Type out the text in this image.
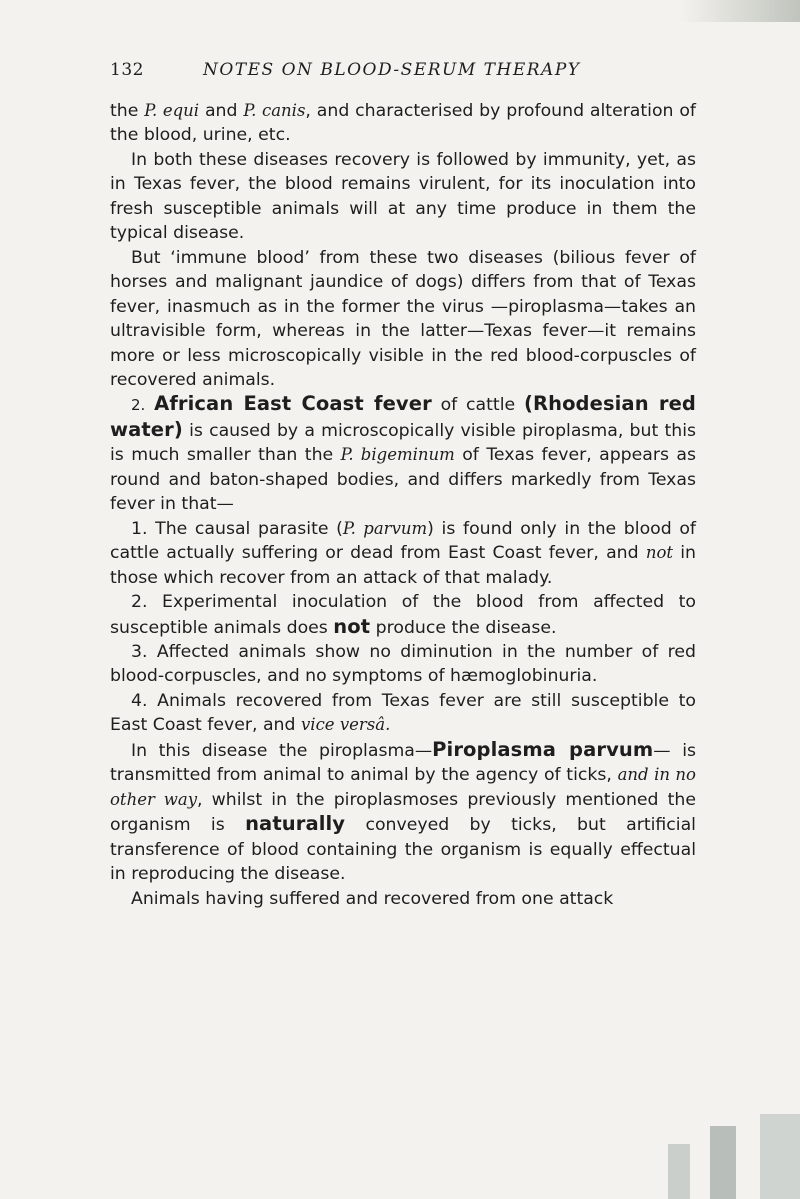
132	NOTES ON BLOOD-SERUM THERAPY

the P. equi and P. canis, and characterised by profound alteration of the blood, urine, etc.

In both these diseases recovery is followed by immunity, yet, as in Texas fever, the blood remains virulent, for its inoculation into fresh susceptible animals will at any time produce in them the typical disease.

But ‘immune blood’ from these two diseases (bilious fever of horses and malignant jaundice of dogs) differs from that of Texas fever, inasmuch as in the former the virus —piroplasma—takes an ultravisible form, whereas in the latter—Texas fever—it remains more or less microscopically visible in the red blood-corpuscles of recovered animals.

2. African East Coast fever of cattle (Rhodesian red water) is caused by a microscopically visible piroplasma, but this is much smaller than the P. bigeminum of Texas fever, appears as round and baton-shaped bodies, and differs markedly from Texas fever in that—

1. The causal parasite (P. parvum) is found only in the blood of cattle actually suffering or dead from East Coast fever, and not in those which recover from an attack of that malady.

2. Experimental inoculation of the blood from affected to susceptible animals does not produce the disease.

3. Affected animals show no diminution in the number of red blood-corpuscles, and no symptoms of hæmoglobinuria.

4. Animals recovered from Texas fever are still susceptible to East Coast fever, and vice versâ.

In this disease the piroplasma—Piroplasma parvum— is transmitted from animal to animal by the agency of ticks, and in no other way, whilst in the piroplasmoses previously mentioned the organism is naturally conveyed by ticks, but artificial transference of blood containing the organism is equally effectual in reproducing the disease.

Animals having suffered and recovered from one attack
